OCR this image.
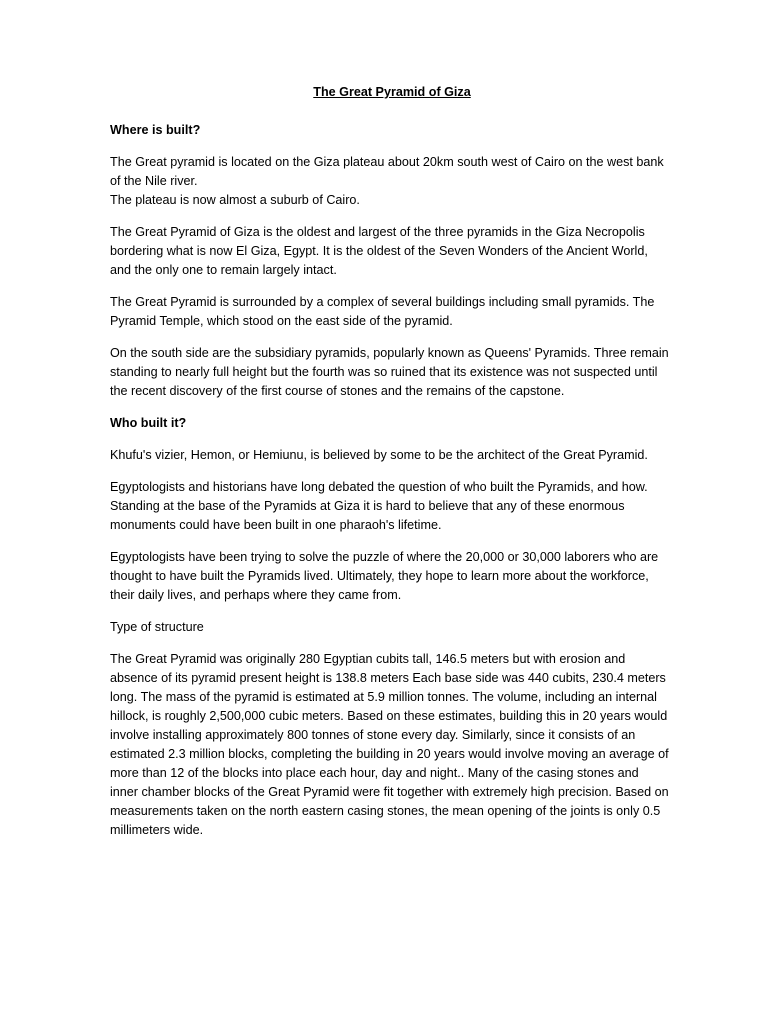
The Great Pyramid of Giza
Where is built?

The Great pyramid is located on the Giza plateau about 20km south west of Cairo on the west bank of the Nile river.
The plateau is now almost a suburb of Cairo.

The Great Pyramid of Giza is the oldest and largest of the three pyramids in the Giza Necropolis bordering what is now El Giza, Egypt. It is the oldest of the Seven Wonders of the Ancient World, and the only one to remain largely intact.

The Great Pyramid is surrounded by a complex of several buildings including small pyramids. The Pyramid Temple, which stood on the east side of the pyramid.

On the south side are the subsidiary pyramids, popularly known as Queens' Pyramids. Three remain standing to nearly full height but the fourth was so ruined that its existence was not suspected until the recent discovery of the first course of stones and the remains of the capstone.

Who built it?

Khufu's vizier, Hemon, or Hemiunu, is believed by some to be the architect of the Great Pyramid.

Egyptologists and historians have long debated the question of who built the Pyramids, and how. Standing at the base of the Pyramids at Giza it is hard to believe that any of these enormous monuments could have been built in one pharaoh's lifetime.

Egyptologists have been trying to solve the puzzle of where the 20,000 or 30,000 laborers who are thought to have built the Pyramids lived. Ultimately, they hope to learn more about the workforce, their daily lives, and perhaps where they came from.

Type of structure

The Great Pyramid was originally 280 Egyptian cubits tall, 146.5 meters but with erosion and absence of its pyramid present height is 138.8 meters Each base side was 440 cubits, 230.4 meters long. The mass of the pyramid is estimated at 5.9 million tonnes. The volume, including an internal hillock, is roughly 2,500,000 cubic meters. Based on these estimates, building this in 20 years would involve installing approximately 800 tonnes of stone every day. Similarly, since it consists of an estimated 2.3 million blocks, completing the building in 20 years would involve moving an average of more than 12 of the blocks into place each hour, day and night.. Many of the casing stones and inner chamber blocks of the Great Pyramid were fit together with extremely high precision. Based on measurements taken on the north eastern casing stones, the mean opening of the joints is only 0.5 millimeters wide.
